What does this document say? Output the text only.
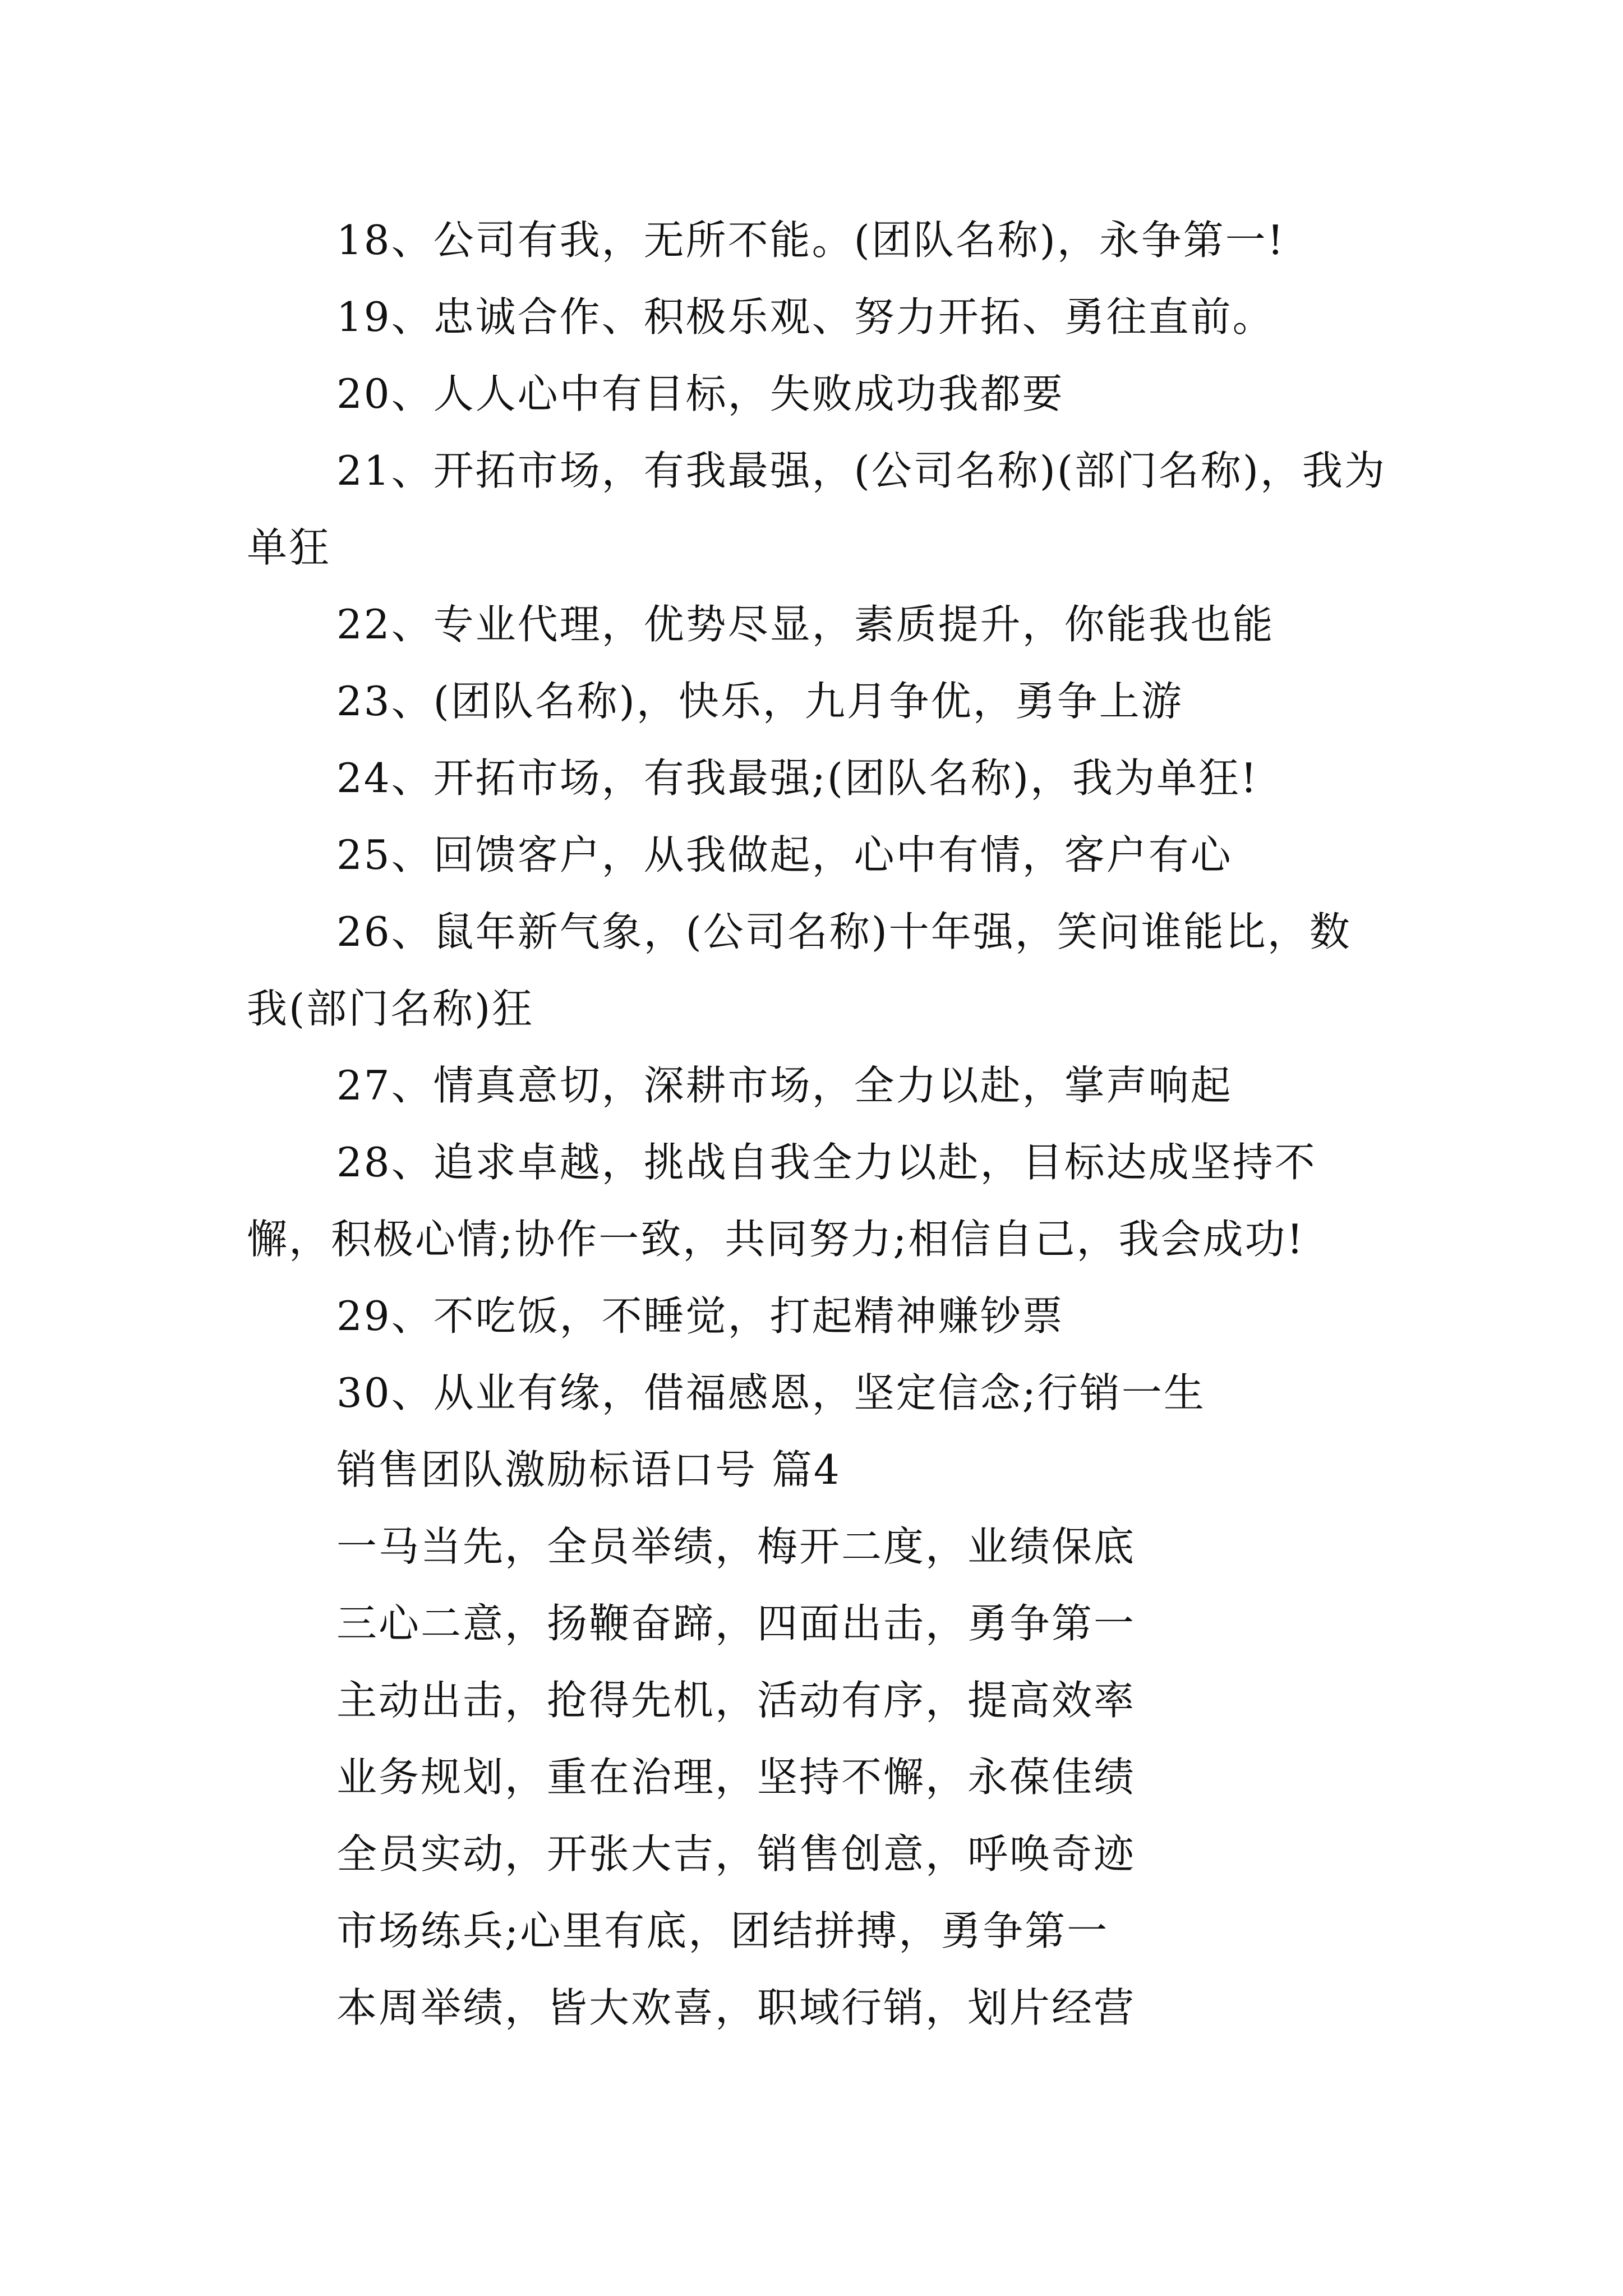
18、公司有我，无所不能。(团队名称)，永争第一!

19、忠诚合作、积极乐观、努力开拓、勇往直前。

20、人人心中有目标，失败成功我都要

21、开拓市场，有我最强，(公司名称)(部门名称)，我为单狂

22、专业代理，优势尽显，素质提升，你能我也能

23、(团队名称)，快乐，九月争优，勇争上游

24、开拓市场，有我最强;(团队名称)，我为单狂!

25、回馈客户，从我做起，心中有情，客户有心

26、鼠年新气象，(公司名称)十年强，笑问谁能比，数我(部门名称)狂

27、情真意切，深耕市场，全力以赴，掌声响起

28、追求卓越，挑战自我全力以赴，目标达成坚持不懈，积极心情;协作一致，共同努力;相信自己，我会成功!

29、不吃饭，不睡觉，打起精神赚钞票

30、从业有缘，借福感恩，坚定信念;行销一生

销售团队激励标语口号 篇4

一马当先，全员举绩，梅开二度，业绩保底

三心二意，扬鞭奋蹄，四面出击，勇争第一

主动出击，抢得先机，活动有序，提高效率

业务规划，重在治理，坚持不懈，永葆佳绩

全员实动，开张大吉，销售创意，呼唤奇迹

市场练兵;心里有底，团结拼搏，勇争第一

本周举绩，皆大欢喜，职域行销，划片经营
